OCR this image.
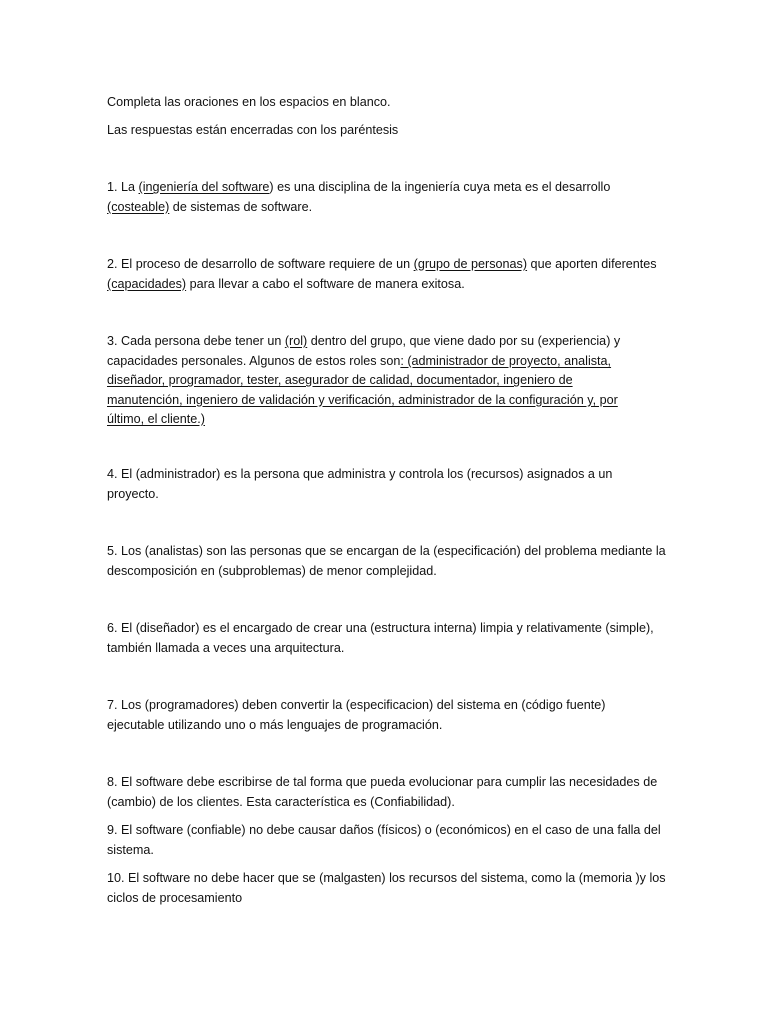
Completa las oraciones en los espacios en blanco.
Las respuestas están encerradas con los paréntesis
1. La (ingeniería del software) es una disciplina de la ingeniería cuya meta es el desarrollo
(costeable) de sistemas de software.
2. El proceso de desarrollo de software requiere de un (grupo de personas) que aporten diferentes
(capacidades) para llevar a cabo el software de manera exitosa.
3. Cada persona debe tener un (rol) dentro del grupo, que viene dado por su (experiencia) y
capacidades personales. Algunos de estos roles son: (administrador de proyecto, analista,
diseñador, programador, tester, asegurador de calidad, documentador, ingeniero de
manutención, ingeniero de validación y verificación, administrador de la configuración y, por
último, el cliente.)
4. El (administrador) es la persona que administra y controla los (recursos) asignados a un
proyecto.
5. Los (analistas) son las personas que se encargan de la (especificación) del problema mediante la
descomposición en (subproblemas) de menor complejidad.
6. El (diseñador) es el encargado de crear una (estructura interna) limpia y relativamente (simple),
también llamada a veces una arquitectura.
7. Los (programadores) deben convertir la (especificacion) del sistema en (código fuente)
ejecutable utilizando uno o más lenguajes de programación.
8. El software debe escribirse de tal forma que pueda evolucionar para cumplir las necesidades de
(cambio) de los clientes. Esta característica es (Confiabilidad).
9. El software (confiable) no debe causar daños (físicos) o (económicos) en el caso de una falla del
sistema.
10. El software no debe hacer que se (malgasten) los recursos del sistema, como la (memoria )y los
ciclos de procesamiento
